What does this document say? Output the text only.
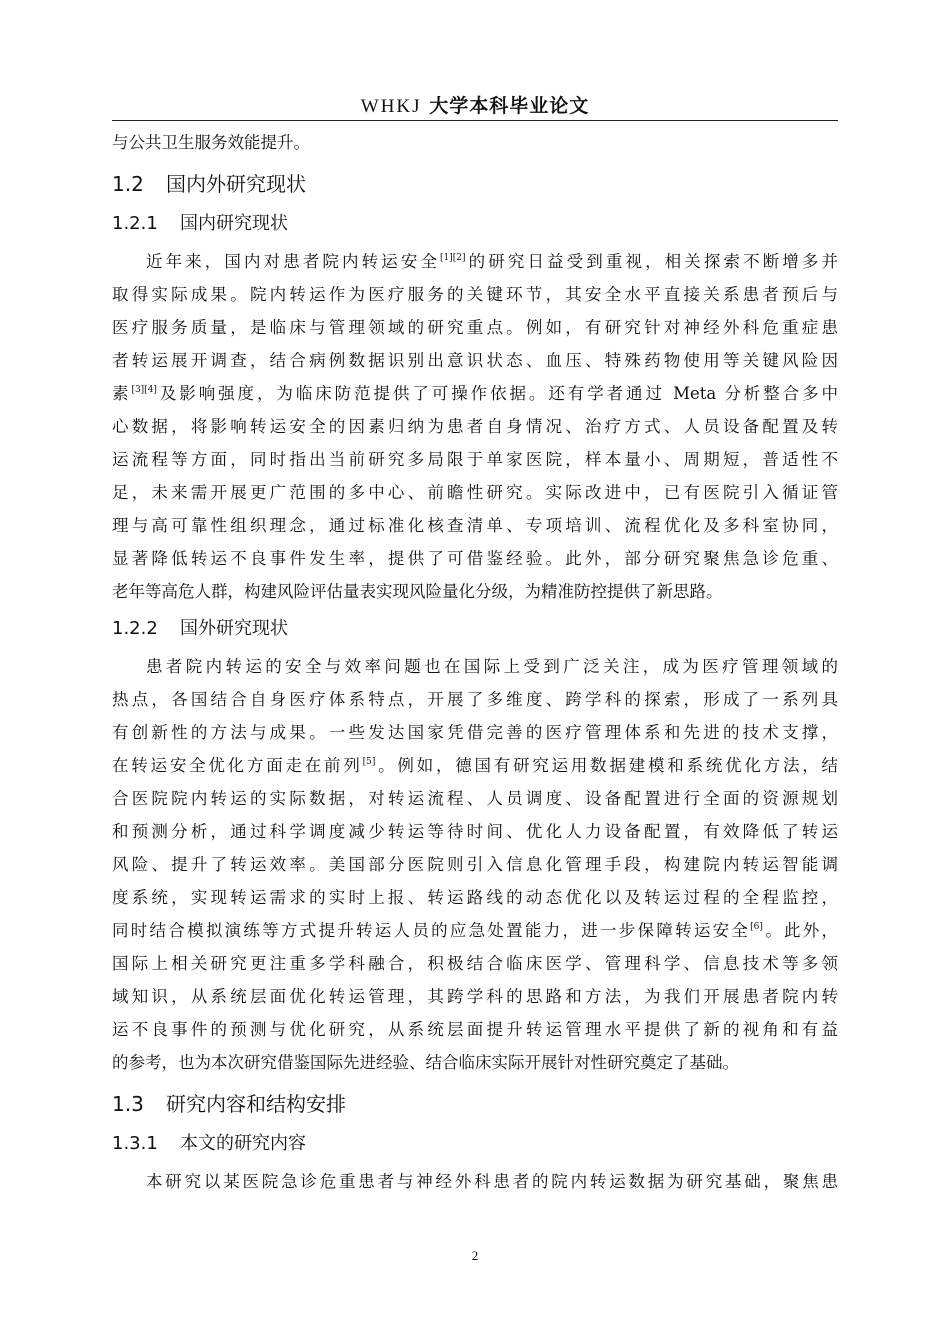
WHKJ 大学本科毕业论文
与公共卫生服务效能提升。
1.2 国内外研究现状
1.2.1 国内研究现状
近年来，国内对患者院内转运安全[1][2]的研究日益受到重视，相关探索不断增多并
取得实际成果。院内转运作为医疗服务的关键环节，其安全水平直接关系患者预后与
医疗服务质量，是临床与管理领域的研究重点。例如，有研究针对神经外科危重症患
者转运展开调查，结合病例数据识别出意识状态、血压、特殊药物使用等关键风险因
素[3][4]及影响强度，为临床防范提供了可操作依据。还有学者通过 Meta 分析整合多中
心数据，将影响转运安全的因素归纳为患者自身情况、治疗方式、人员设备配置及转
运流程等方面，同时指出当前研究多局限于单家医院，样本量小、周期短，普适性不
足，未来需开展更广范围的多中心、前瞻性研究。实际改进中，已有医院引入循证管
理与高可靠性组织理念，通过标准化核查清单、专项培训、流程优化及多科室协同，
显著降低转运不良事件发生率，提供了可借鉴经验。此外，部分研究聚焦急诊危重、
老年等高危人群，构建风险评估量表实现风险量化分级，为精准防控提供了新思路。
1.2.2 国外研究现状
患者院内转运的安全与效率问题也在国际上受到广泛关注，成为医疗管理领域的
热点，各国结合自身医疗体系特点，开展了多维度、跨学科的探索，形成了一系列具
有创新性的方法与成果。一些发达国家凭借完善的医疗管理体系和先进的技术支撑，
在转运安全优化方面走在前列[5]。例如，德国有研究运用数据建模和系统优化方法，结
合医院院内转运的实际数据，对转运流程、人员调度、设备配置进行全面的资源规划
和预测分析，通过科学调度减少转运等待时间、优化人力设备配置，有效降低了转运
风险、提升了转运效率。美国部分医院则引入信息化管理手段，构建院内转运智能调
度系统，实现转运需求的实时上报、转运路线的动态优化以及转运过程的全程监控，
同时结合模拟演练等方式提升转运人员的应急处置能力，进一步保障转运安全[6]。此外，
国际上相关研究更注重多学科融合，积极结合临床医学、管理科学、信息技术等多领
域知识，从系统层面优化转运管理，其跨学科的思路和方法，为我们开展患者院内转
运不良事件的预测与优化研究，从系统层面提升转运管理水平提供了新的视角和有益
的参考，也为本次研究借鉴国际先进经验、结合临床实际开展针对性研究奠定了基础。
1.3 研究内容和结构安排
1.3.1 本文的研究内容
本研究以某医院急诊危重患者与神经外科患者的院内转运数据为研究基础，聚焦患
2
